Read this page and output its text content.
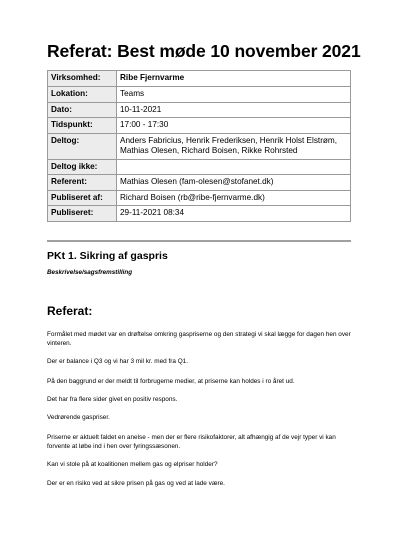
Referat: Best møde 10 november 2021
Virksomhed:	Ribe Fjernvarme
Lokation:	Teams
Dato:	10-11-2021
Tidspunkt:	17:00 - 17:30
Deltog:	Anders Fabricius, Henrik Frederiksen, Henrik Holst Elstrøm, Mathias Olesen, Richard Boisen, Rikke Rohrsted
Deltog ikke:	
Referent:	Mathias Olesen (fam-olesen@stofanet.dk)
Publiseret af:	Richard Boisen (rb@ribe-fjernvarme.dk)
Publiseret:	29-11-2021 08:34
PKt 1. Sikring af gaspris
Beskrivelse/sagsfremstilling
Referat:
Formålet med mødet var en drøftelse omkring gaspriserne og den strategi vi skal lægge for dagen hen over vinteren.
Der er balance i Q3 og vi har 3 mil kr. med fra Q1.
På den baggrund er der meldt til forbrugerne medier, at priserne kan holdes i ro året ud.
Det har fra flere sider givet en positiv respons.
Vedrørende gaspriser.
Priserne er aktuelt faldet en anelse - men der er flere risikofaktorer, alt afhængig af de vejr typer vi kan forvente at løbe ind i hen over fyringssæsonen.
Kan vi stole på at koalitionen mellem gas og elpriser holder?
Der er en risiko ved at sikre prisen på gas og ved at lade være.
